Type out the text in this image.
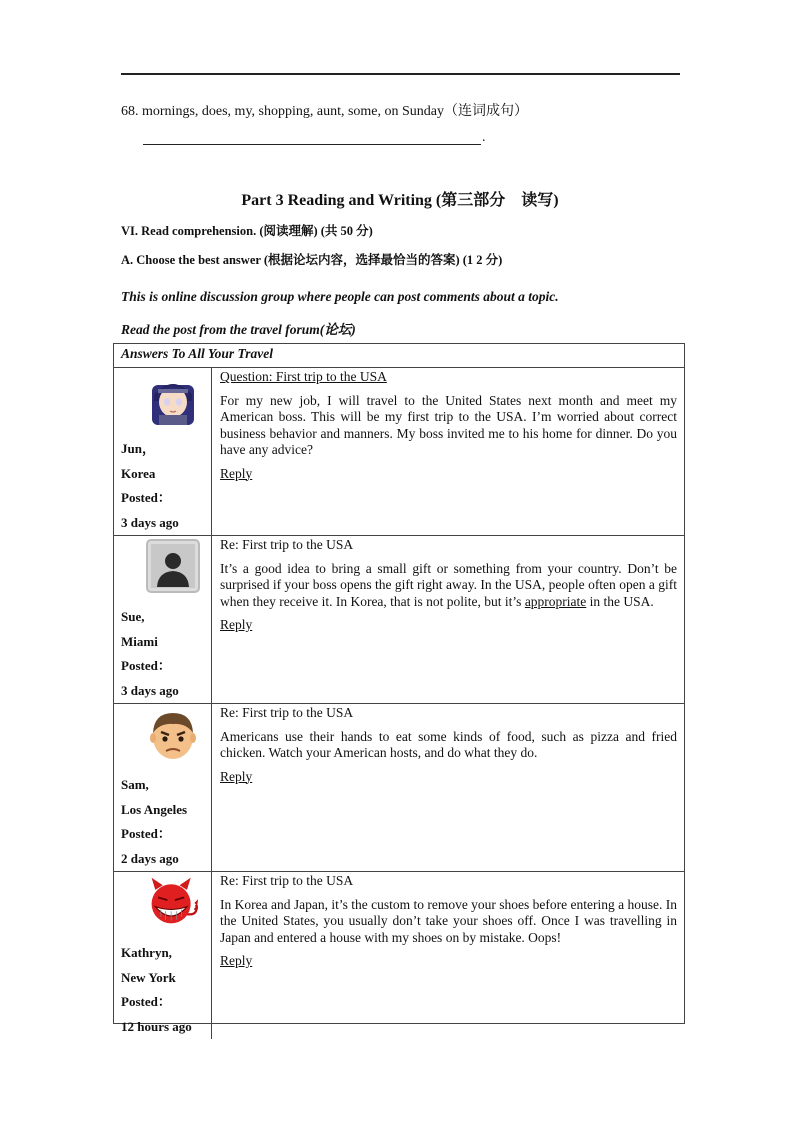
68. mornings, does, my, shopping, aunt, some, on Sunday（连词成句）
.
Part 3 Reading and Writing (第三部分　读写)
VI. Read comprehension. (阅读理解) (共 50 分)
A. Choose the best answer (根据论坛内容，选择最恰当的答案) (1 2 分)
This is online discussion group where people can post comments about a topic.
Read the post from the travel forum(论坛)
Answers To All Your Travel
Jun，
Korea
Posted：
3 days ago
Question: First trip to the USA
For my new job, I will travel to the United States next month and meet my American boss. This will be my first trip to the USA. I’m worried about correct business behavior and manners. My boss invited me to his home for dinner. Do you have any advice?
Reply
Sue,
Miami
Posted：
3 days ago
Re: First trip to the USA
It’s a good idea to bring a small gift or something from your country. Don’t be surprised if your boss opens the gift right away. In the USA, people often open a gift when they receive it. In Korea, that is not polite, but it’s appropriate in the USA.
Reply
Sam,
Los Angeles
Posted：
2 days ago
Re: First trip to the USA
Americans use their hands to eat some kinds of food, such as pizza and fried chicken. Watch your American hosts, and do what they do.
Reply
Kathryn,
New York
Posted：
12 hours ago
Re: First trip to the USA
In Korea and Japan, it’s the custom to remove your shoes before entering a house. In the United States, you usually don’t take your shoes off. Once I was travelling in Japan and entered a house with my shoes on by mistake. Oops!
Reply
